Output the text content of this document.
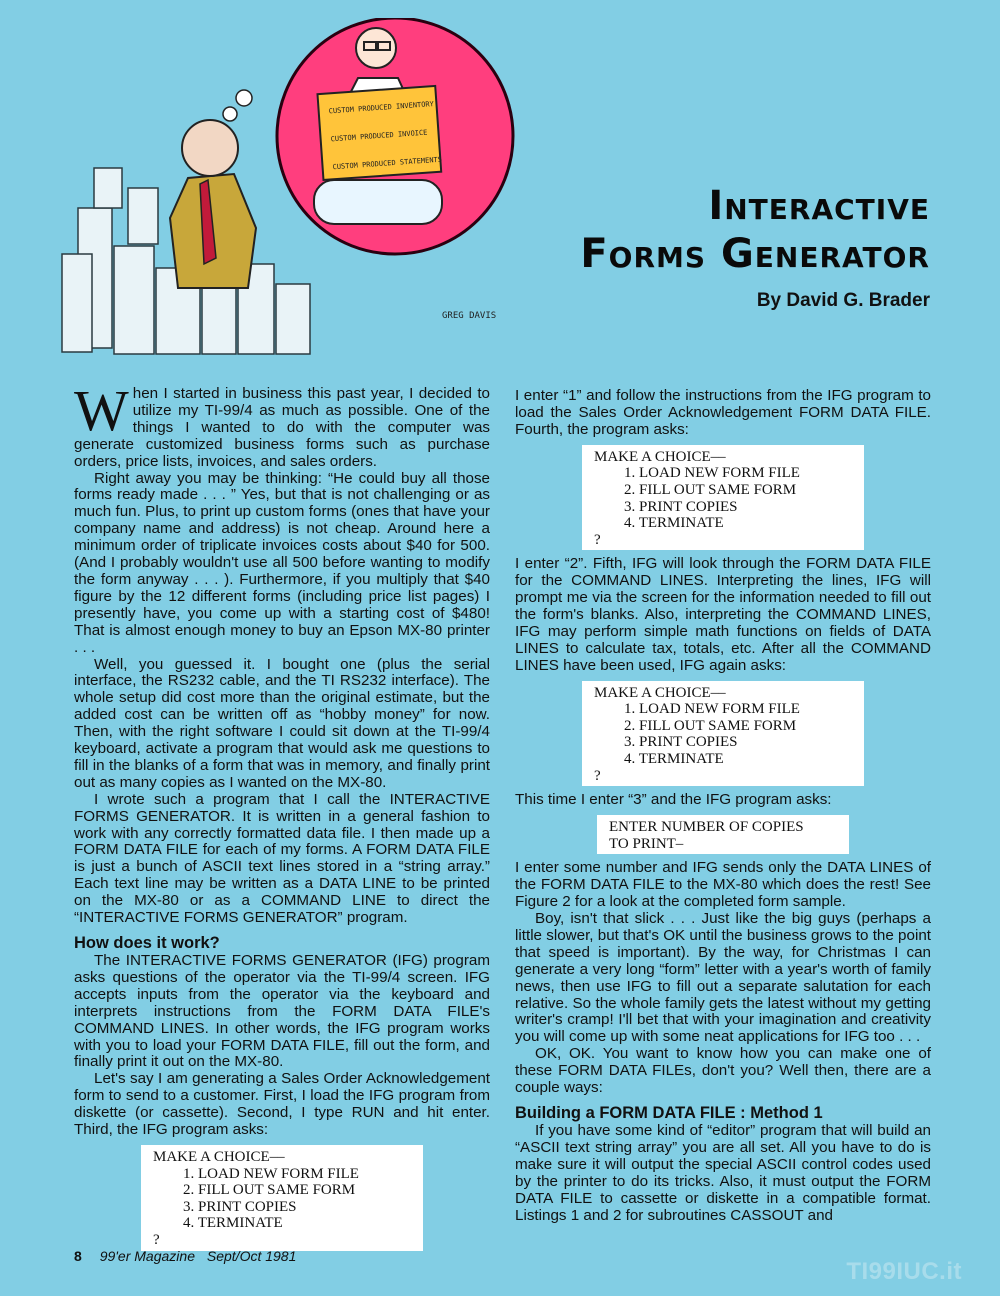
CUSTOM PRODUCED INVENTORY
CUSTOM PRODUCED INVOICE
CUSTOM PRODUCED STATEMENTS
GREG DAVIS
Interactive
Forms Generator
By David G. Brader

When I started in business this past year, I decided to utilize my TI-99/4 as much as possible. One of the things I wanted to do with the computer was generate customized business forms such as purchase orders, price lists, invoices, and sales orders.

Right away you may be thinking: “He could buy all those forms ready made . . . ” Yes, but that is not challenging or as much fun. Plus, to print up custom forms (ones that have your company name and address) is not cheap. Around here a minimum order of triplicate invoices costs about $40 for 500. (And I probably wouldn't use all 500 before wanting to modify the form anyway . . . ). Furthermore, if you multiply that $40 figure by the 12 different forms (including price list pages) I presently have, you come up with a starting cost of $480! That is almost enough money to buy an Epson MX-80 printer . . .

Well, you guessed it. I bought one (plus the serial interface, the RS232 cable, and the TI RS232 interface). The whole setup did cost more than the original estimate, but the added cost can be written off as “hobby money” for now. Then, with the right software I could sit down at the TI-99/4 keyboard, activate a program that would ask me questions to fill in the blanks of a form that was in memory, and finally print out as many copies as I wanted on the MX-80.

I wrote such a program that I call the INTERACTIVE FORMS GENERATOR. It is written in a general fashion to work with any correctly formatted data file. I then made up a FORM DATA FILE for each of my forms. A FORM DATA FILE is just a bunch of ASCII text lines stored in a “string array.” Each text line may be written as a DATA LINE to be printed on the MX-80 or as a COMMAND LINE to direct the “INTERACTIVE FORMS GENERATOR” program.

How does it work?

The INTERACTIVE FORMS GENERATOR (IFG) program asks questions of the operator via the TI-99/4 screen. IFG accepts inputs from the operator via the keyboard and interprets instructions from the FORM DATA FILE's COMMAND LINES. In other words, the IFG program works with you to load your FORM DATA FILE, fill out the form, and finally print it out on the MX-80.

Let's say I am generating a Sales Order Acknowledgement form to send to a customer. First, I load the IFG program from diskette (or cassette). Second, I type RUN and hit enter. Third, the IFG program asks:

MAKE A CHOICE––
1. LOAD NEW FORM FILE
2. FILL OUT SAME FORM
3. PRINT COPIES
4. TERMINATE
?

I enter “1” and follow the instructions from the IFG program to load the Sales Order Acknowledgement FORM DATA FILE. Fourth, the program asks:

MAKE A CHOICE––
1. LOAD NEW FORM FILE
2. FILL OUT SAME FORM
3. PRINT COPIES
4. TERMINATE
?

I enter “2”. Fifth, IFG will look through the FORM DATA FILE for the COMMAND LINES. Interpreting the lines, IFG will prompt me via the screen for the information needed to fill out the form's blanks. Also, interpreting the COMMAND LINES, IFG may perform simple math functions on fields of DATA LINES to calculate tax, totals, etc. After all the COMMAND LINES have been used, IFG again asks:

MAKE A CHOICE––
1. LOAD NEW FORM FILE
2. FILL OUT SAME FORM
3. PRINT COPIES
4. TERMINATE
?

This time I enter “3” and the IFG program asks:

ENTER NUMBER OF COPIES
TO PRINT–

I enter some number and IFG sends only the DATA LINES of the FORM DATA FILE to the MX-80 which does the rest! See Figure 2 for a look at the completed form sample.

Boy, isn't that slick . . . Just like the big guys (perhaps a little slower, but that's OK until the business grows to the point that speed is important). By the way, for Christmas I can generate a very long “form” letter with a year's worth of family news, then use IFG to fill out a separate salutation for each relative. So the whole family gets the latest without my getting writer's cramp! I'll bet that with your imagination and creativity you will come up with some neat applications for IFG too . . .

OK, OK. You want to know how you can make one of these FORM DATA FILEs, don't you? Well then, there are a couple ways:

Building a FORM DATA FILE : Method 1

If you have some kind of “editor” program that will build an “ASCII text string array” you are all set. All you have to do is make sure it will output the special ASCII control codes used by the printer to do its tricks. Also, it must output the FORM DATA FILE to cassette or diskette in a compatible format. Listings 1 and 2 for subroutines CASSOUT and

8 99'er Magazine Sept/Oct 1981
TI99IUC.it
